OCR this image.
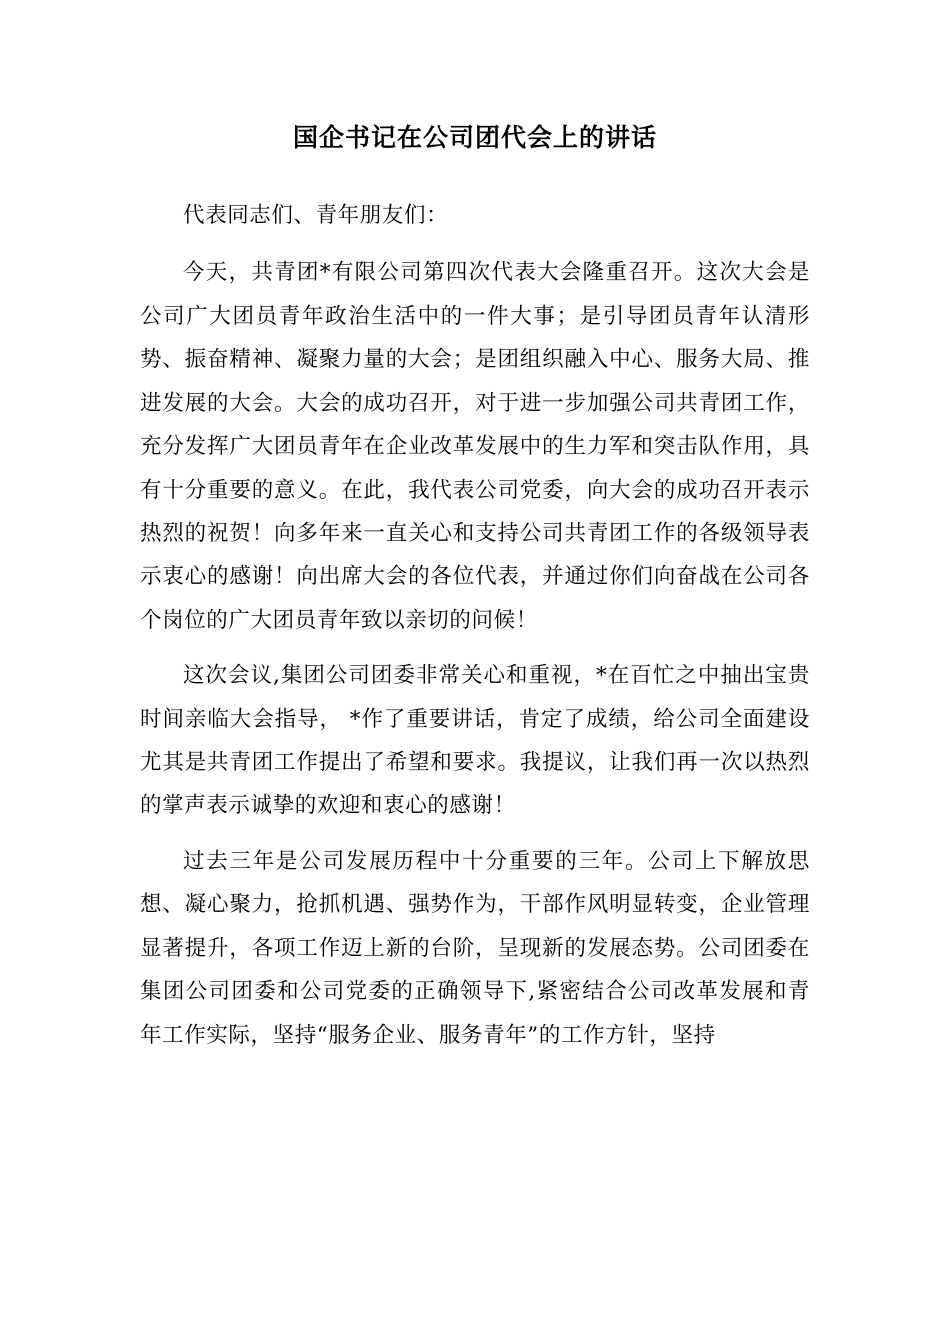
国企书记在公司团代会上的讲话

代表同志们、青年朋友们：

今天，共青团*有限公司第四次代表大会隆重召开。这次大会是公司广大团员青年政治生活中的一件大事；是引导团员青年认清形势、振奋精神、凝聚力量的大会；是团组织融入中心、服务大局、推进发展的大会。大会的成功召开，对于进一步加强公司共青团工作，充分发挥广大团员青年在企业改革发展中的生力军和突击队作用，具有十分重要的意义。在此，我代表公司党委，向大会的成功召开表示热烈的祝贺！向多年来一直关心和支持公司共青团工作的各级领导表示衷心的感谢！向出席大会的各位代表，并通过你们向奋战在公司各个岗位的广大团员青年致以亲切的问候！

这次会议,集团公司团委非常关心和重视，*在百忙之中抽出宝贵时间亲临大会指导， *作了重要讲话，肯定了成绩，给公司全面建设尤其是共青团工作提出了希望和要求。我提议，让我们再一次以热烈的掌声表示诚挚的欢迎和衷心的感谢！

过去三年是公司发展历程中十分重要的三年。公司上下解放思想、凝心聚力，抢抓机遇、强势作为，干部作风明显转变，企业管理显著提升，各项工作迈上新的台阶，呈现新的发展态势。公司团委在集团公司团委和公司党委的正确领导下,紧密结合公司改革发展和青年工作实际，坚持“服务企业、服务青年”的工作方针，坚持
